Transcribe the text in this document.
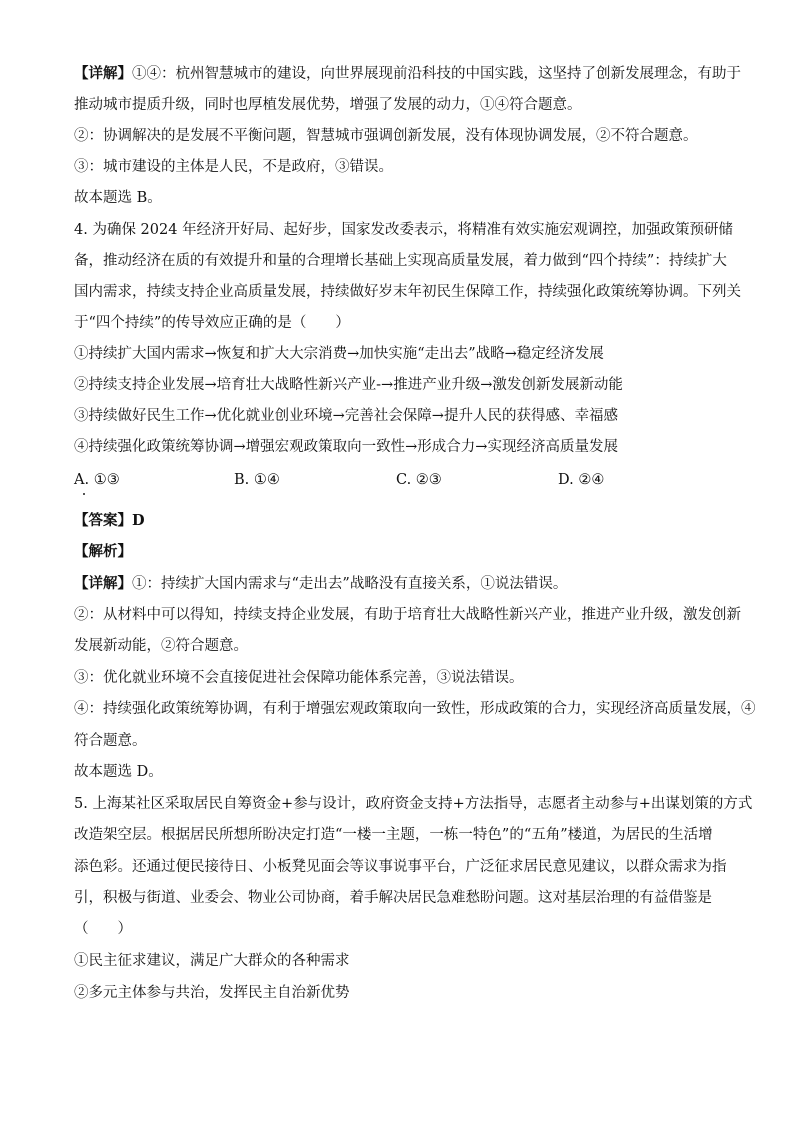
【详解】①④：杭州智慧城市的建设，向世界展现前沿科技的中国实践，这坚持了创新发展理念，有助于
推动城市提质升级，同时也厚植发展优势，增强了发展的动力，①④符合题意。
②：协调解决的是发展不平衡问题，智慧城市强调创新发展，没有体现协调发展，②不符合题意。
③：城市建设的主体是人民，不是政府，③错误。
故本题选 B。
4. 为确保 2024 年经济开好局、起好步，国家发改委表示，将精准有效实施宏观调控，加强政策预研储
备，推动经济在质的有效提升和量的合理增长基础上实现高质量发展，着力做到“四个持续”：持续扩大
国内需求，持续支持企业高质量发展，持续做好岁末年初民生保障工作，持续强化政策统筹协调。下列关
于“四个持续”的传导效应正确的是（　　）
①持续扩大国内需求→恢复和扩大大宗消费→加快实施“走出去”战略→稳定经济发展
②持续支持企业发展→培育壮大战略性新兴产业-→推进产业升级→激发创新发展新动能
③持续做好民生工作→优化就业创业环境→完善社会保障→提升人民的获得感、幸福感
④持续强化政策统筹协调→增强宏观政策取向一致性→形成合力→实现经济高质量发展
A. ①③	B. ①④	C. ②③	D. ②④
【答案】D
【解析】
【详解】①：持续扩大国内需求与“走出去”战略没有直接关系，①说法错误。
②：从材料中可以得知，持续支持企业发展，有助于培育壮大战略性新兴产业，推进产业升级，激发创新
发展新动能，②符合题意。
③：优化就业环境不会直接促进社会保障功能体系完善，③说法错误。
④：持续强化政策统筹协调，有利于增强宏观政策取向一致性，形成政策的合力，实现经济高质量发展，④
符合题意。
故本题选 D。
5. 上海某社区采取居民自筹资金+参与设计，政府资金支持+方法指导，志愿者主动参与+出谋划策的方式
改造架空层。根据居民所想所盼决定打造“一楼一主题，一栋一特色”的“五角”楼道，为居民的生活增
添色彩。还通过便民接待日、小板凳见面会等议事说事平台，广泛征求居民意见建议，以群众需求为指
引，积极与街道、业委会、物业公司协商，着手解决居民急难愁盼问题。这对基层治理的有益借鉴是
（　　）
①民主征求建议，满足广大群众的各种需求
②多元主体参与共治，发挥民主自治新优势
